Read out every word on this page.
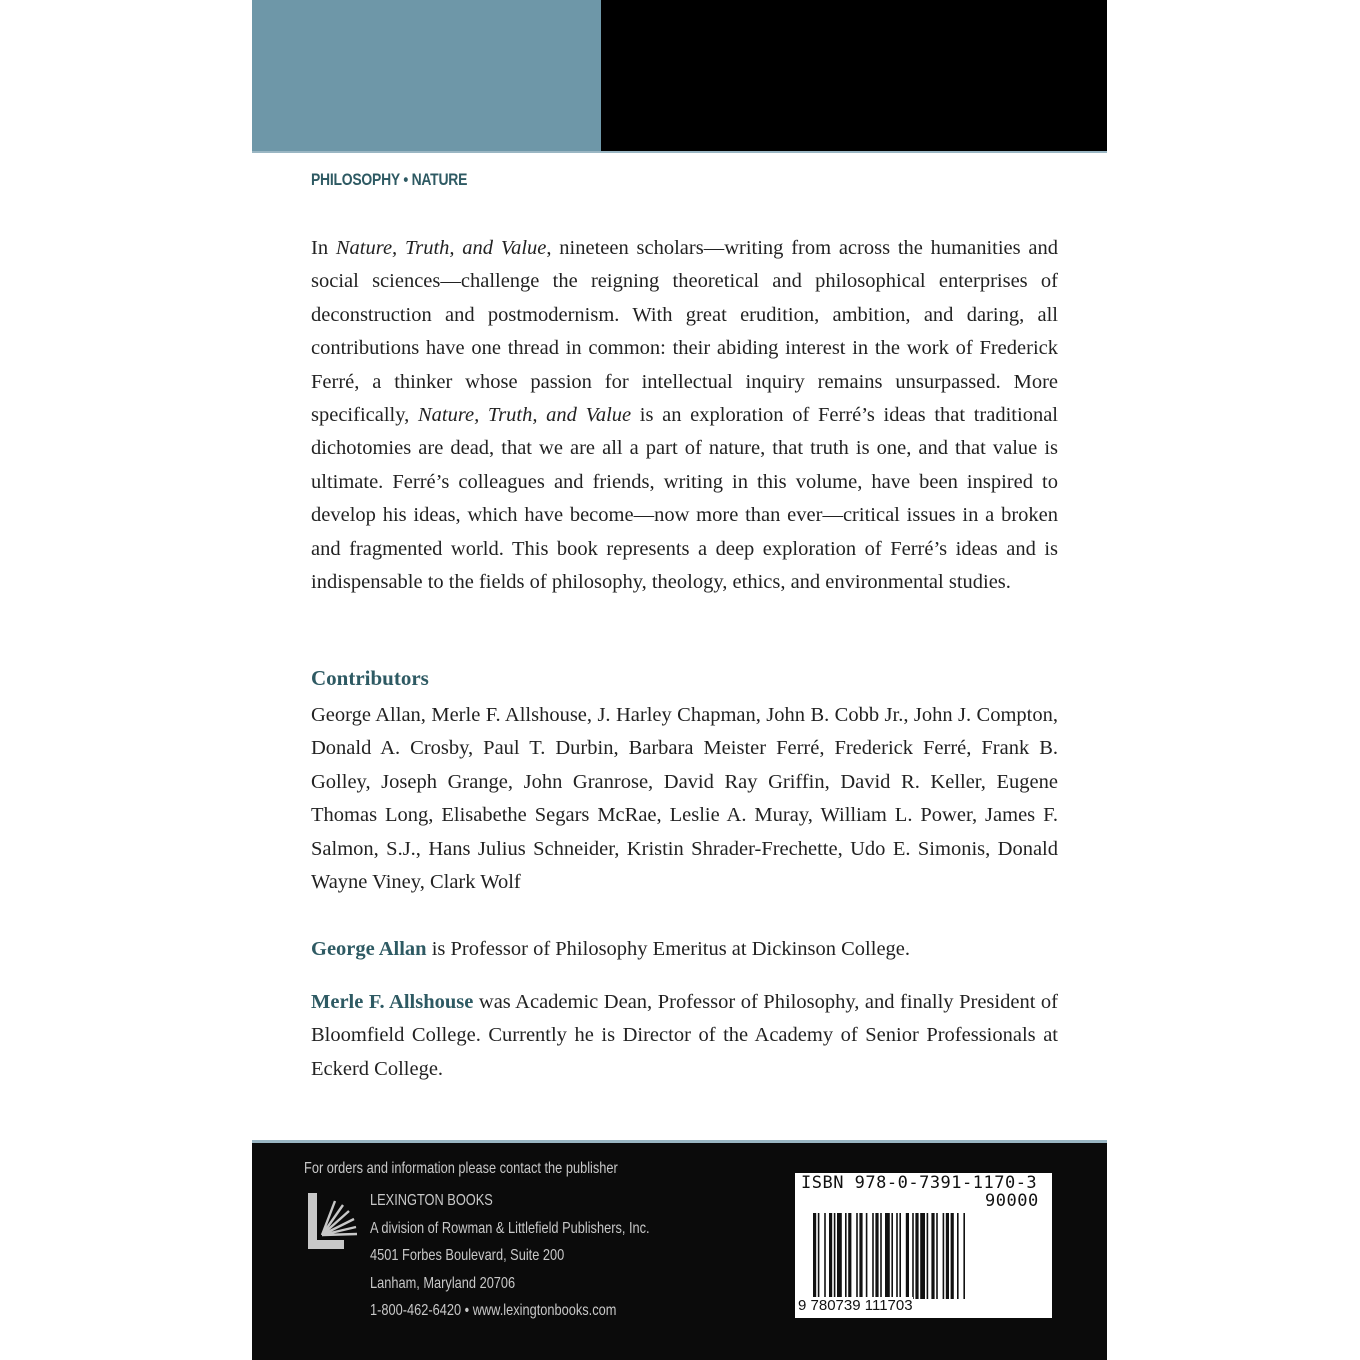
PHILOSOPHY • NATURE

In Nature, Truth, and Value, nineteen scholars—writing from across the humanities and social sciences—challenge the reigning theoretical and philosophical enterprises of deconstruction and postmodernism. With great erudition, ambition, and daring, all contributions have one thread in common: their abiding interest in the work of Frederick Ferré, a thinker whose passion for intellectual inquiry remains unsurpassed. More specifically, Nature, Truth, and Value is an exploration of Ferré’s ideas that traditional dichotomies are dead, that we are all a part of nature, that truth is one, and that value is ultimate. Ferré’s colleagues and friends, writing in this volume, have been inspired to develop his ideas, which have become—now more than ever—critical issues in a broken and fragmented world. This book represents a deep exploration of Ferré’s ideas and is indispensable to the fields of philosophy, theology, ethics, and environmental studies.

Contributors
George Allan, Merle F. Allshouse, J. Harley Chapman, John B. Cobb Jr., John J. Compton, Donald A. Crosby, Paul T. Durbin, Barbara Meister Ferré, Frederick Ferré, Frank B. Golley, Joseph Grange, John Granrose, David Ray Griffin, David R. Keller, Eugene Thomas Long, Elisabethe Segars McRae, Leslie A. Muray, William L. Power, James F. Salmon, S.J., Hans Julius Schneider, Kristin Shrader-Frechette, Udo E. Simonis, Donald Wayne Viney, Clark Wolf
George Allan is Professor of Philosophy Emeritus at Dickinson College.
Merle F. Allshouse was Academic Dean, Professor of Philosophy, and finally President of Bloomfield College. Currently he is Director of the Academy of Senior Professionals at Eckerd College.
For orders and information please contact the publisher
LEXINGTON BOOKS
A division of Rowman & Littlefield Publishers, Inc.
4501 Forbes Boulevard, Suite 200
Lanham, Maryland 20706
1-800-462-6420 • www.lexingtonbooks.com
ISBN 978-0-7391-1170-3
90000
9 780739 111703
